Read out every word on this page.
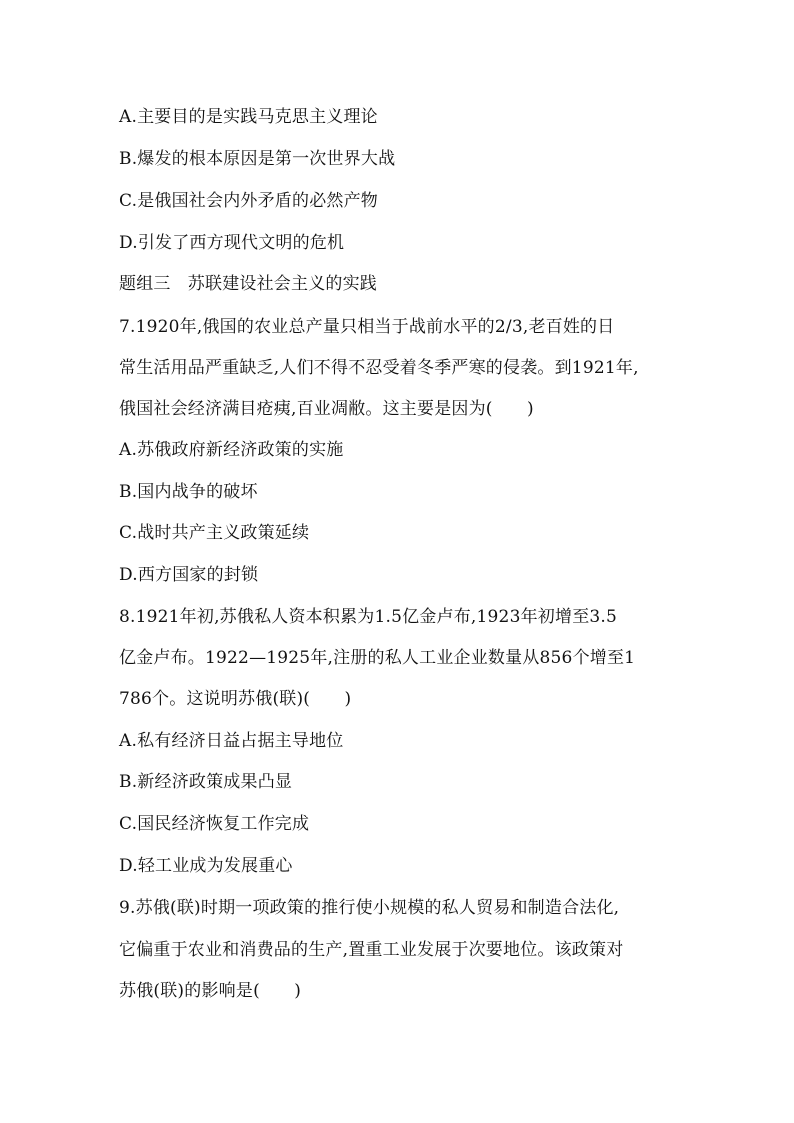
A.主要目的是实践马克思主义理论
B.爆发的根本原因是第一次世界大战
C.是俄国社会内外矛盾的必然产物
D.引发了西方现代文明的危机
题组三　苏联建设社会主义的实践
7.1920年,俄国的农业总产量只相当于战前水平的2/3,老百姓的日
常生活用品严重缺乏,人们不得不忍受着冬季严寒的侵袭。到1921年,
俄国社会经济满目疮痍,百业凋敝。这主要是因为(　　)
A.苏俄政府新经济政策的实施
B.国内战争的破坏
C.战时共产主义政策延续
D.西方国家的封锁
8.1921年初,苏俄私人资本积累为1.5亿金卢布,1923年初增至3.5
亿金卢布。1922—1925年,注册的私人工业企业数量从856个增至1
786个。这说明苏俄(联)(　　)
A.私有经济日益占据主导地位
B.新经济政策成果凸显
C.国民经济恢复工作完成
D.轻工业成为发展重心
9.苏俄(联)时期一项政策的推行使小规模的私人贸易和制造合法化,
它偏重于农业和消费品的生产,置重工业发展于次要地位。该政策对
苏俄(联)的影响是(　　)
